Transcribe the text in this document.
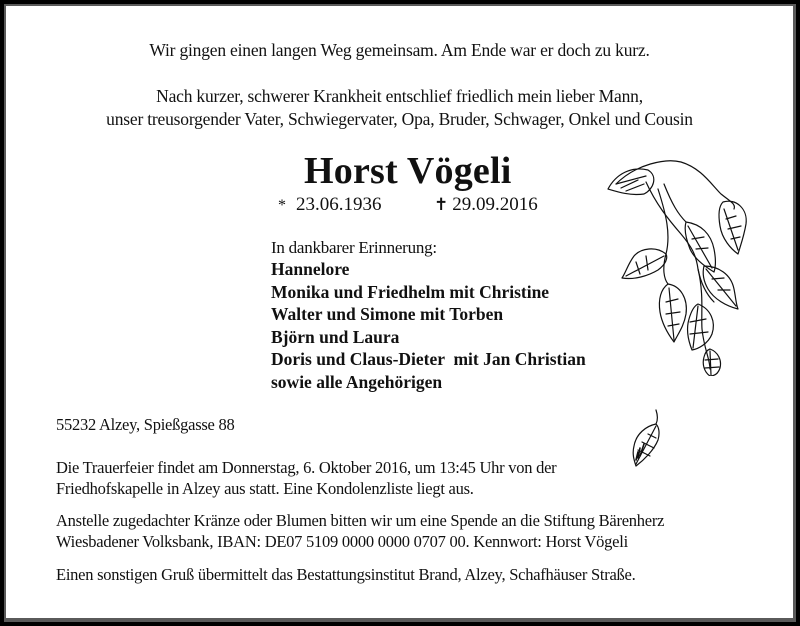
Wir gingen einen langen Weg gemeinsam. Am Ende war er doch zu kurz.
Nach kurzer, schwerer Krankheit entschlief friedlich mein lieber Mann,
unser treusorgender Vater, Schwiegervater, Opa, Bruder, Schwager, Onkel und Cousin
Horst Vögeli
* 23.06.1936	✝ 29.09.2016
In dankbarer Erinnerung:
Hannelore
Monika und Friedhelm mit Christine
Walter und Simone mit Torben
Björn und Laura
Doris und Claus-Dieter  mit Jan Christian
sowie alle Angehörigen
55232 Alzey, Spießgasse 88
Die Trauerfeier findet am Donnerstag, 6. Oktober 2016, um 13:45 Uhr von der
Friedhofskapelle in Alzey aus statt. Eine Kondolenzliste liegt aus.
Anstelle zugedachter Kränze oder Blumen bitten wir um eine Spende an die Stiftung Bärenherz
Wiesbadener Volksbank, IBAN: DE07 5109 0000 0000 0707 00. Kennwort: Horst Vögeli
Einen sonstigen Gruß übermittelt das Bestattungsinstitut Brand, Alzey, Schafhäuser Straße.
